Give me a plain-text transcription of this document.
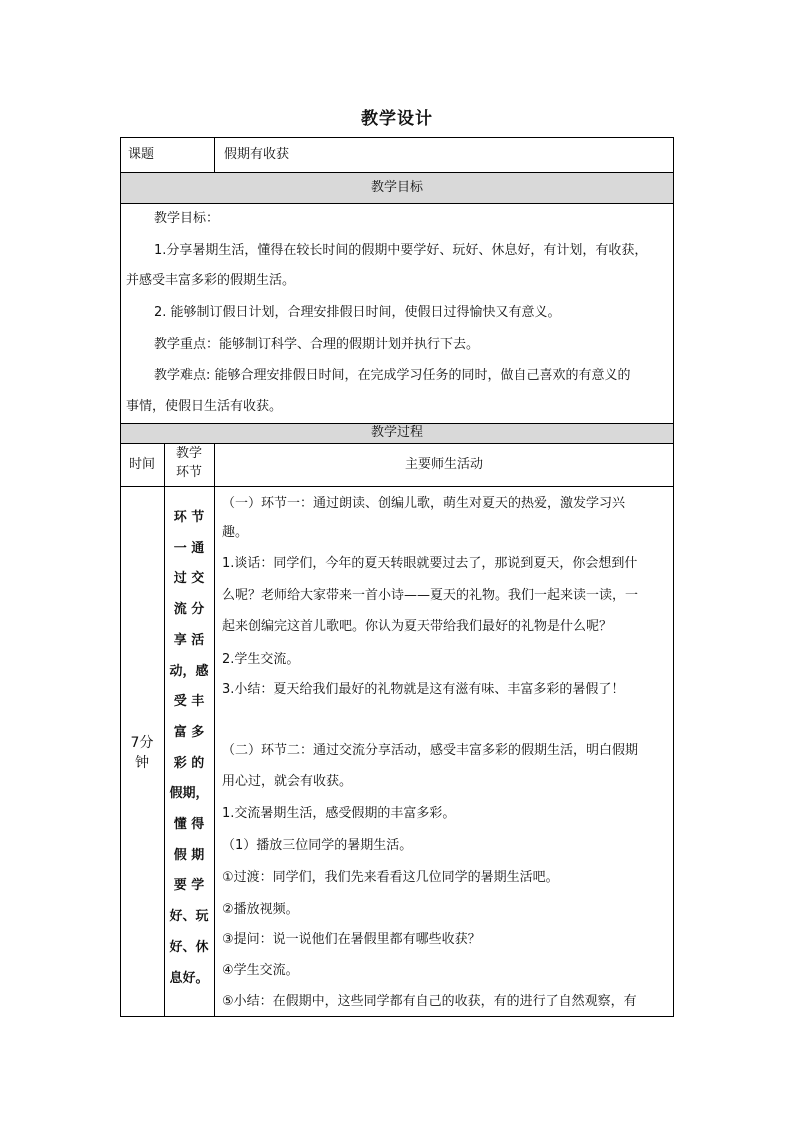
教学设计
课题	假期有收获
教学目标
教学目标：
1.分享暑期生活，懂得在较长时间的假期中要学好、玩好、休息好，有计划，有收获，
并感受丰富多彩的假期生活。
2. 能够制订假日计划，合理安排假日时间，使假日过得愉快又有意义。
教学重点：能够制订科学、合理的假期计划并执行下去。
教学难点: 能够合理安排假日时间，在完成学习任务的同时，做自己喜欢的有意义的
事情，使假日生活有收获。
教学过程
时间
教学
环节
主要师生活动
7分
钟
环 节
一 通
过 交
流 分
享 活
动，感
受 丰
富 多
彩 的
假期，
懂 得
假 期
要 学
好、玩
好、休
息好。
（一）环节一：通过朗读、创编儿歌，萌生对夏天的热爱，激发学习兴
趣。
1.谈话：同学们，今年的夏天转眼就要过去了，那说到夏天，你会想到什
么呢？老师给大家带来一首小诗——夏天的礼物。我们一起来读一读，一
起来创编完这首儿歌吧。你认为夏天带给我们最好的礼物是什么呢？
2.学生交流。
3.小结：夏天给我们最好的礼物就是这有滋有味、丰富多彩的暑假了！
（二）环节二：通过交流分享活动，感受丰富多彩的假期生活，明白假期
用心过，就会有收获。
1.交流暑期生活，感受假期的丰富多彩。
（1）播放三位同学的暑期生活。
①过渡：同学们，我们先来看看这几位同学的暑期生活吧。
②播放视频。
③提问：说一说他们在暑假里都有哪些收获？
④学生交流。
⑤小结：在假期中，这些同学都有自己的收获，有的进行了自然观察，有
